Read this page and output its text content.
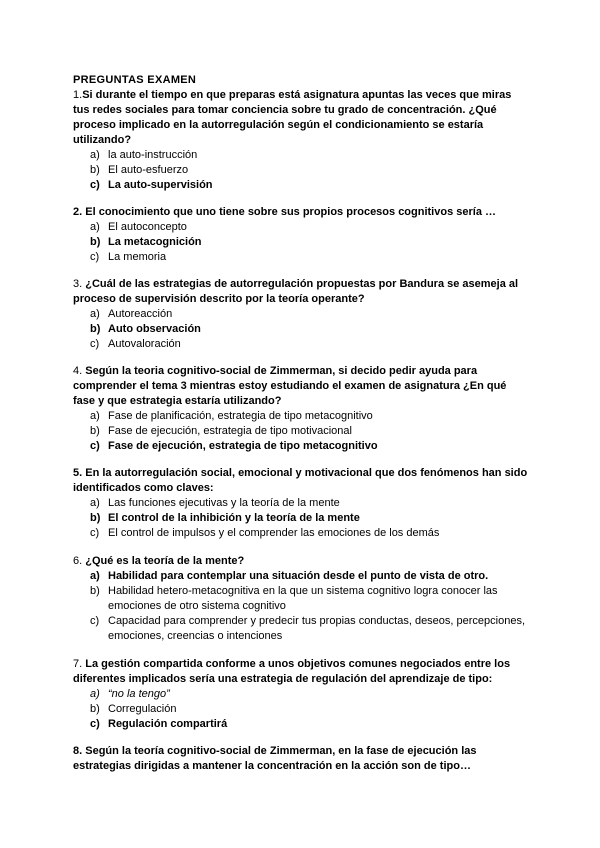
PREGUNTAS EXAMEN

1.Si durante el tiempo en que preparas está asignatura apuntas las veces que miras tus redes sociales para tomar conciencia sobre tu grado de concentración. ¿Qué proceso implicado en la autorregulación según el condicionamiento se estaría utilizando?

a) la auto-instrucción
b) El auto-esfuerzo
c) La auto-supervisión

2. El conocimiento que uno tiene sobre sus propios procesos cognitivos sería …

a) El autoconcepto
b) La metacognición
c) La memoria

3. ¿Cuál de las estrategias de autorregulación propuestas por Bandura se asemeja al proceso de supervisión descrito por la teoría operante?

a) Autoreacción
b) Auto observación
c) Autovaloración

4. Según la teoria cognitivo-social de Zimmerman, si decido pedir ayuda para comprender el tema 3 mientras estoy estudiando el examen de asignatura ¿En qué fase y que estrategia estaría utilizando?

a) Fase de planificación, estrategia de tipo metacognitivo
b) Fase de ejecución, estrategia de tipo motivacional
c) Fase de ejecución, estrategia de tipo metacognitivo

5. En la autorregulación social, emocional y motivacional que dos fenómenos han sido identificados como claves:

a) Las funciones ejecutivas y la teoría de la mente
b) El control de la inhibición y la teoría de la mente
c) El control de impulsos y el comprender las emociones de los demás

6. ¿Qué es la teoría de la mente?

a) Habilidad para contemplar una situación desde el punto de vista de otro.
b) Habilidad hetero-metacognitiva en la que un sistema cognitivo logra conocer las emociones de otro sistema cognitivo
c) Capacidad para comprender y predecir tus propias conductas, deseos, percepciones, emociones, creencias o intenciones

7. La gestión compartida conforme a unos objetivos comunes negociados entre los diferentes implicados sería una estrategia de regulación del aprendizaje de tipo:

a) “no la tengo”
b) Corregulación
c) Regulación compartirá

8. Según la teoría cognitivo-social de Zimmerman, en la fase de ejecución las estrategias dirigidas a mantener la concentración en la acción son de tipo…
